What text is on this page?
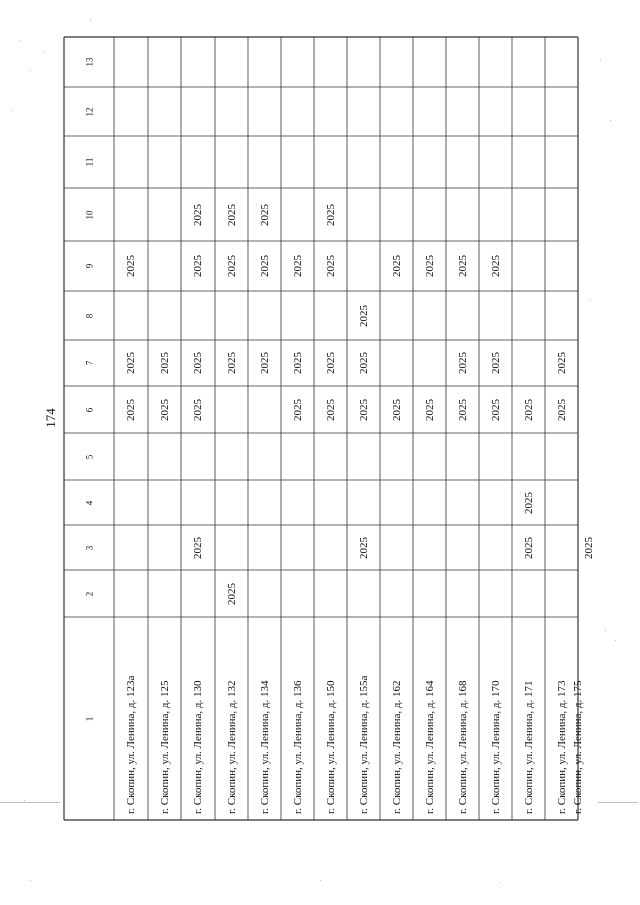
174
1
2
3
4
5
6
7
8
9
10
11
12
13
г. Скопин, ул. Ленина, д. 123а
2025
2025
2025
г. Скопин, ул. Ленина, д. 125
2025
2025
г. Скопин, ул. Ленина, д. 130
2025
2025
2025
2025
2025
г. Скопин, ул. Ленина, д. 132
2025
2025
2025
2025
г. Скопин, ул. Ленина, д. 134
2025
2025
2025
г. Скопин, ул. Ленина, д. 136
2025
2025
2025
г. Скопин, ул. Ленина, д. 150
2025
2025
2025
2025
г. Скопин, ул. Ленина, д. 155а
2025
2025
2025
2025
г. Скопин, ул. Ленина, д. 162
2025
2025
г. Скопин, ул. Ленина, д. 164
2025
2025
г. Скопин, ул. Ленина, д. 168
2025
2025
2025
г. Скопин, ул. Ленина, д. 170
2025
2025
2025
г. Скопин, ул. Ленина, д. 171
2025
2025
2025
г. Скопин, ул. Ленина, д. 173
2025
2025
г. Скопин, ул. Ленина, д. 175
2025
